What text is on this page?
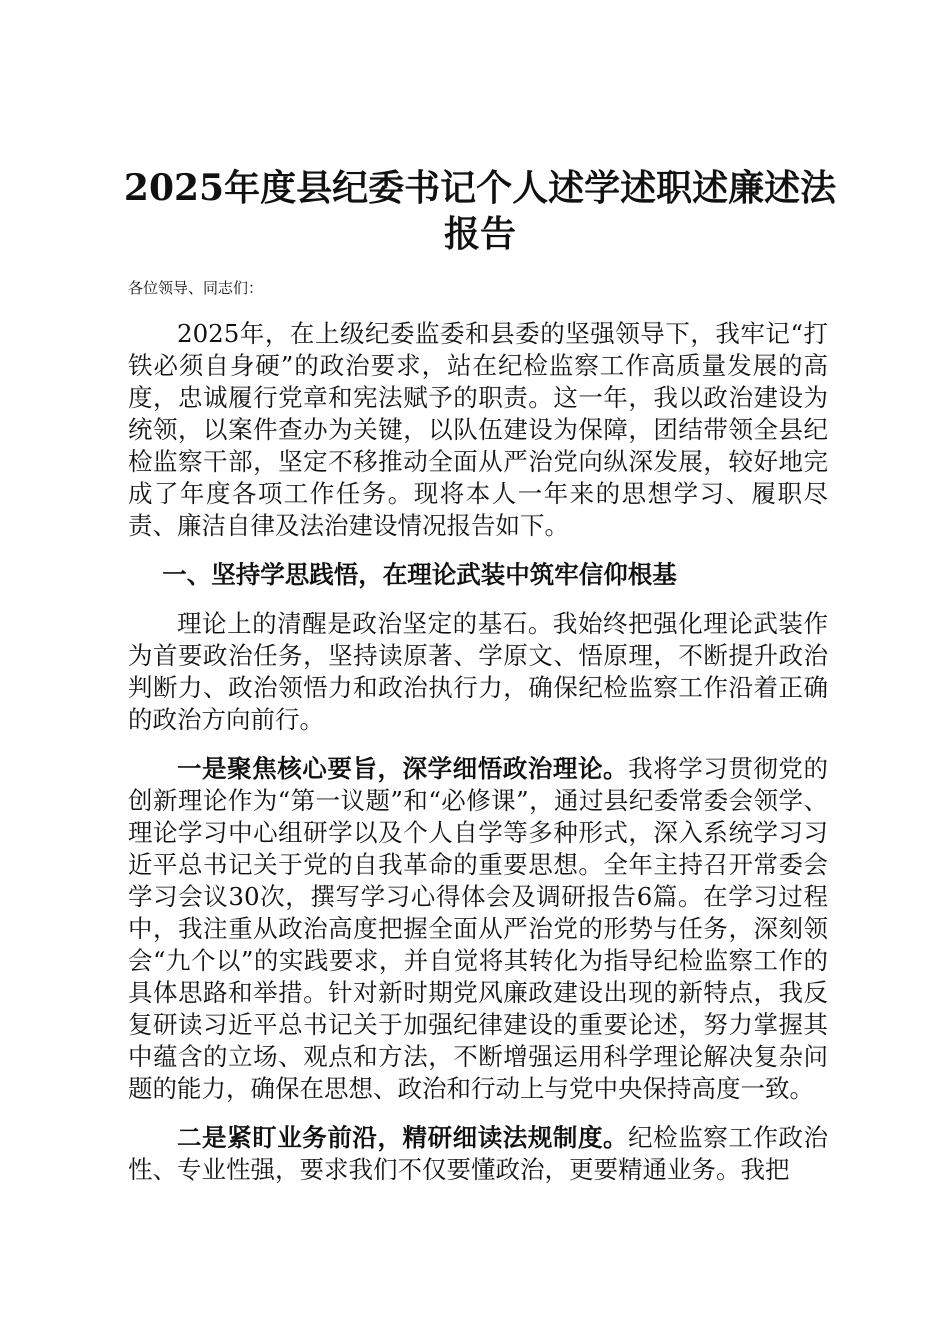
2025年度县纪委书记个人述学述职述廉述法
报告
各位领导、同志们：

2025年，在上级纪委监委和县委的坚强领导下，我牢记“打铁必须自身硬”的政治要求，站在纪检监察工作高质量发展的高度，忠诚履行党章和宪法赋予的职责。这一年，我以政治建设为统领，以案件查办为关键，以队伍建设为保障，团结带领全县纪检监察干部，坚定不移推动全面从严治党向纵深发展，较好地完成了年度各项工作任务。现将本人一年来的思想学习、履职尽责、廉洁自律及法治建设情况报告如下。

一、坚持学思践悟，在理论武装中筑牢信仰根基

理论上的清醒是政治坚定的基石。我始终把强化理论武装作为首要政治任务，坚持读原著、学原文、悟原理，不断提升政治判断力、政治领悟力和政治执行力，确保纪检监察工作沿着正确的政治方向前行。

一是聚焦核心要旨，深学细悟政治理论。我将学习贯彻党的创新理论作为“第一议题”和“必修课”，通过县纪委常委会领学、理论学习中心组研学以及个人自学等多种形式，深入系统学习习近平总书记关于党的自我革命的重要思想。全年主持召开常委会学习会议30次，撰写学习心得体会及调研报告6篇。在学习过程中，我注重从政治高度把握全面从严治党的形势与任务，深刻领会“九个以”的实践要求，并自觉将其转化为指导纪检监察工作的具体思路和举措。针对新时期党风廉政建设出现的新特点，我反复研读习近平总书记关于加强纪律建设的重要论述，努力掌握其中蕴含的立场、观点和方法，不断增强运用科学理论解决复杂问题的能力，确保在思想、政治和行动上与党中央保持高度一致。

二是紧盯业务前沿，精研细读法规制度。纪检监察工作政治性、专业性强，要求我们不仅要懂政治，更要精通业务。我把
